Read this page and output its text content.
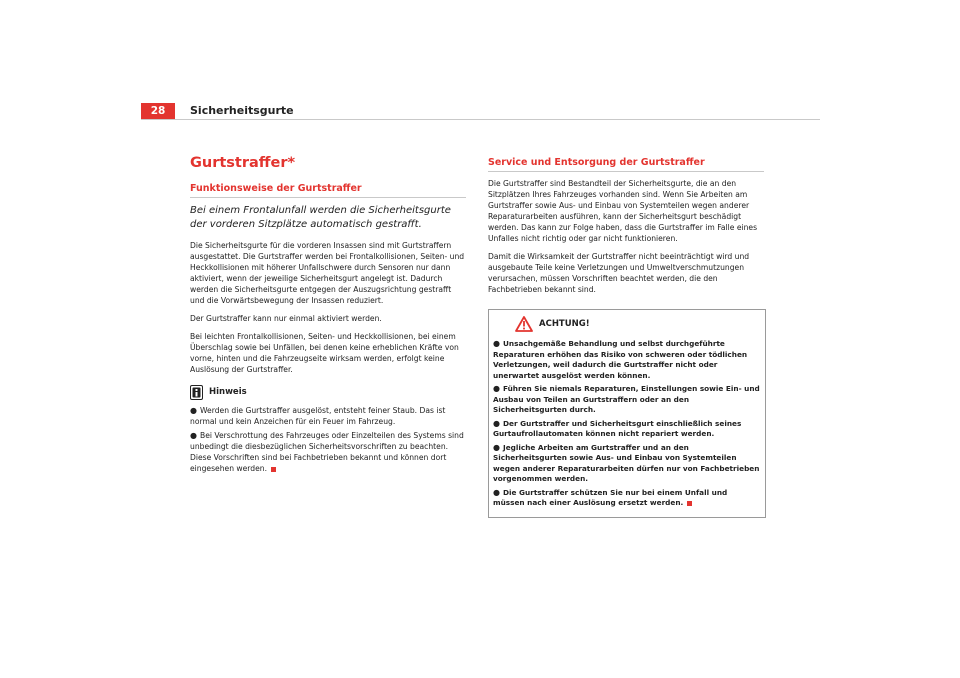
28	Sicherheitsgurte
Gurtstraffer*
Funktionsweise der Gurtstraffer

Bei einem Frontalunfall werden die Sicherheitsgurte der vorderen Sitzplätze automatisch gestrafft.

Die Sicherheitsgurte für die vorderen Insassen sind mit Gurtstraffern ausgestattet. Die Gurtstraffer werden bei Frontalkollisionen, Seiten- und Heckkollisionen mit höherer Unfallschwere durch Sensoren nur dann aktiviert, wenn der jeweilige Sicherheitsgurt angelegt ist. Dadurch werden die Sicherheitsgurte entgegen der Auszugsrichtung gestrafft und die Vorwärtsbewegung der Insassen reduziert.

Der Gurtstraffer kann nur einmal aktiviert werden.

Bei leichten Frontalkollisionen, Seiten- und Heckkollisionen, bei einem Überschlag sowie bei Unfällen, bei denen keine erheblichen Kräfte von vorne, hinten und die Fahrzeugseite wirksam werden, erfolgt keine Auslösung der Gurtstraffer.

Hinweis

● Werden die Gurtstraffer ausgelöst, entsteht feiner Staub. Das ist normal und kein Anzeichen für ein Feuer im Fahrzeug.

● Bei Verschrottung des Fahrzeuges oder Einzelteilen des Systems sind unbedingt die diesbezüglichen Sicherheitsvorschriften zu beachten. Diese Vorschriften sind bei Fachbetrieben bekannt und können dort eingesehen werden.

Service und Entsorgung der Gurtstraffer

Die Gurtstraffer sind Bestandteil der Sicherheitsgurte, die an den Sitzplätzen Ihres Fahrzeuges vorhanden sind. Wenn Sie Arbeiten am Gurtstraffer sowie Aus- und Einbau von Systemteilen wegen anderer Reparaturarbeiten ausführen, kann der Sicherheitsgurt beschädigt werden. Das kann zur Folge haben, dass die Gurtstraffer im Falle eines Unfalles nicht richtig oder gar nicht funktionieren.

Damit die Wirksamkeit der Gurtstraffer nicht beeinträchtigt wird und ausgebaute Teile keine Verletzungen und Umweltverschmutzungen verursachen, müssen Vorschriften beachtet werden, die den Fachbetrieben bekannt sind.

ACHTUNG!

● Unsachgemäße Behandlung und selbst durchgeführte Reparaturen erhöhen das Risiko von schweren oder tödlichen Verletzungen, weil dadurch die Gurtstraffer nicht oder unerwartet ausgelöst werden können.

● Führen Sie niemals Reparaturen, Einstellungen sowie Ein- und Ausbau von Teilen an Gurtstraffern oder an den Sicherheitsgurten durch.

● Der Gurtstraffer und Sicherheitsgurt einschließlich seines Gurtaufrollautomaten können nicht repariert werden.

● Jegliche Arbeiten am Gurtstraffer und an den Sicherheitsgurten sowie Aus- und Einbau von Systemteilen wegen anderer Reparaturarbeiten dürfen nur von Fachbetrieben vorgenommen werden.

● Die Gurtstraffer schützen Sie nur bei einem Unfall und müssen nach einer Auslösung ersetzt werden.
